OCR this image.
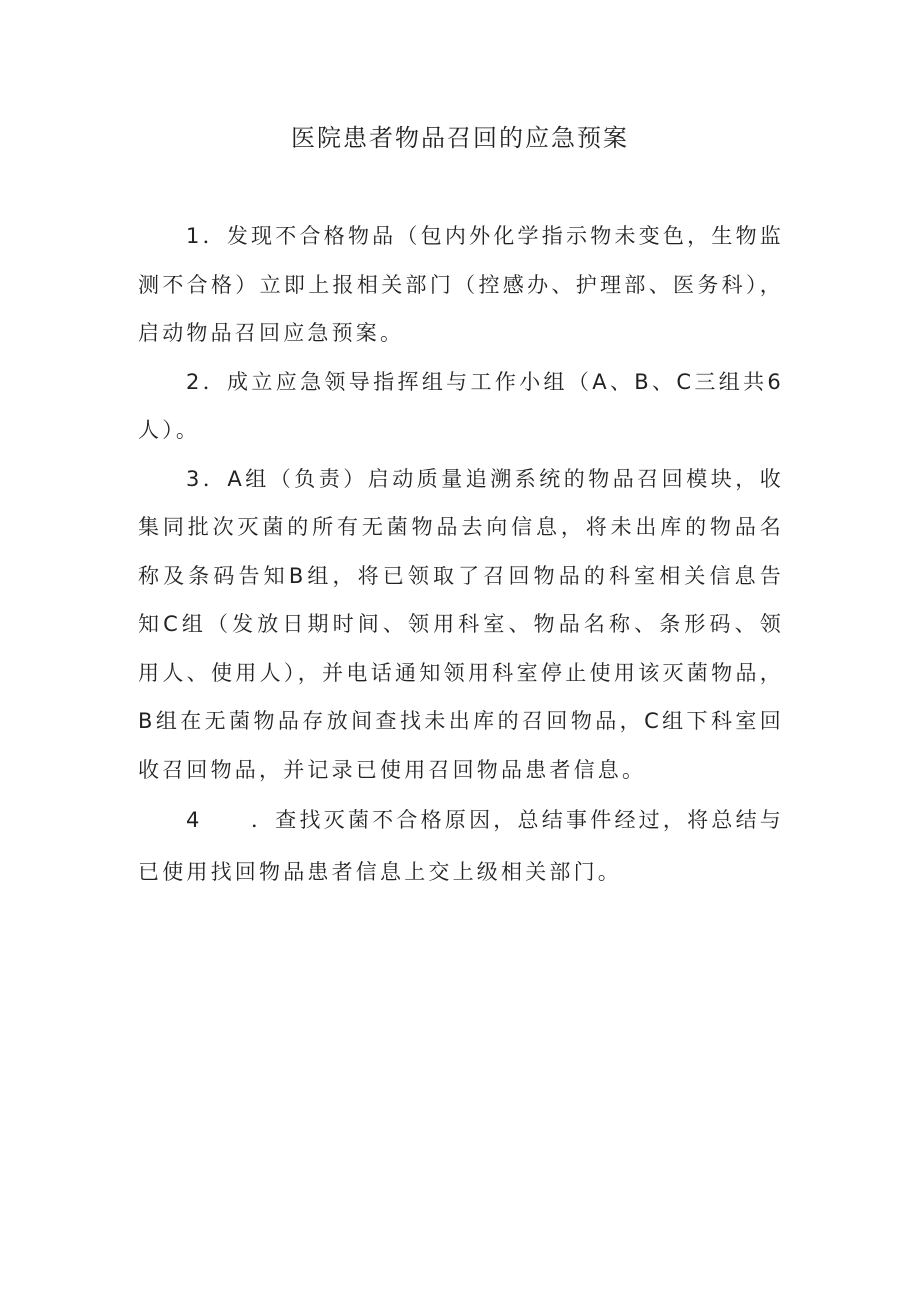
医院患者物品召回的应急预案

1．发现不合格物品（包内外化学指示物未变色，生物监测不合格）立即上报相关部门（控感办、护理部、医务科），启动物品召回应急预案。

2．成立应急领导指挥组与工作小组（A、B、C三组共6人）。

3．A组（负责）启动质量追溯系统的物品召回模块，收集同批次灭菌的所有无菌物品去向信息，将未出库的物品名称及条码告知B组，将已领取了召回物品的科室相关信息告知C组（发放日期时间、领用科室、物品名称、条形码、领用人、使用人），并电话通知领用科室停止使用该灭菌物品，B组在无菌物品存放间查找未出库的召回物品，C组下科室回收召回物品，并记录已使用召回物品患者信息。

4　　．查找灭菌不合格原因，总结事件经过，将总结与已使用找回物品患者信息上交上级相关部门。
